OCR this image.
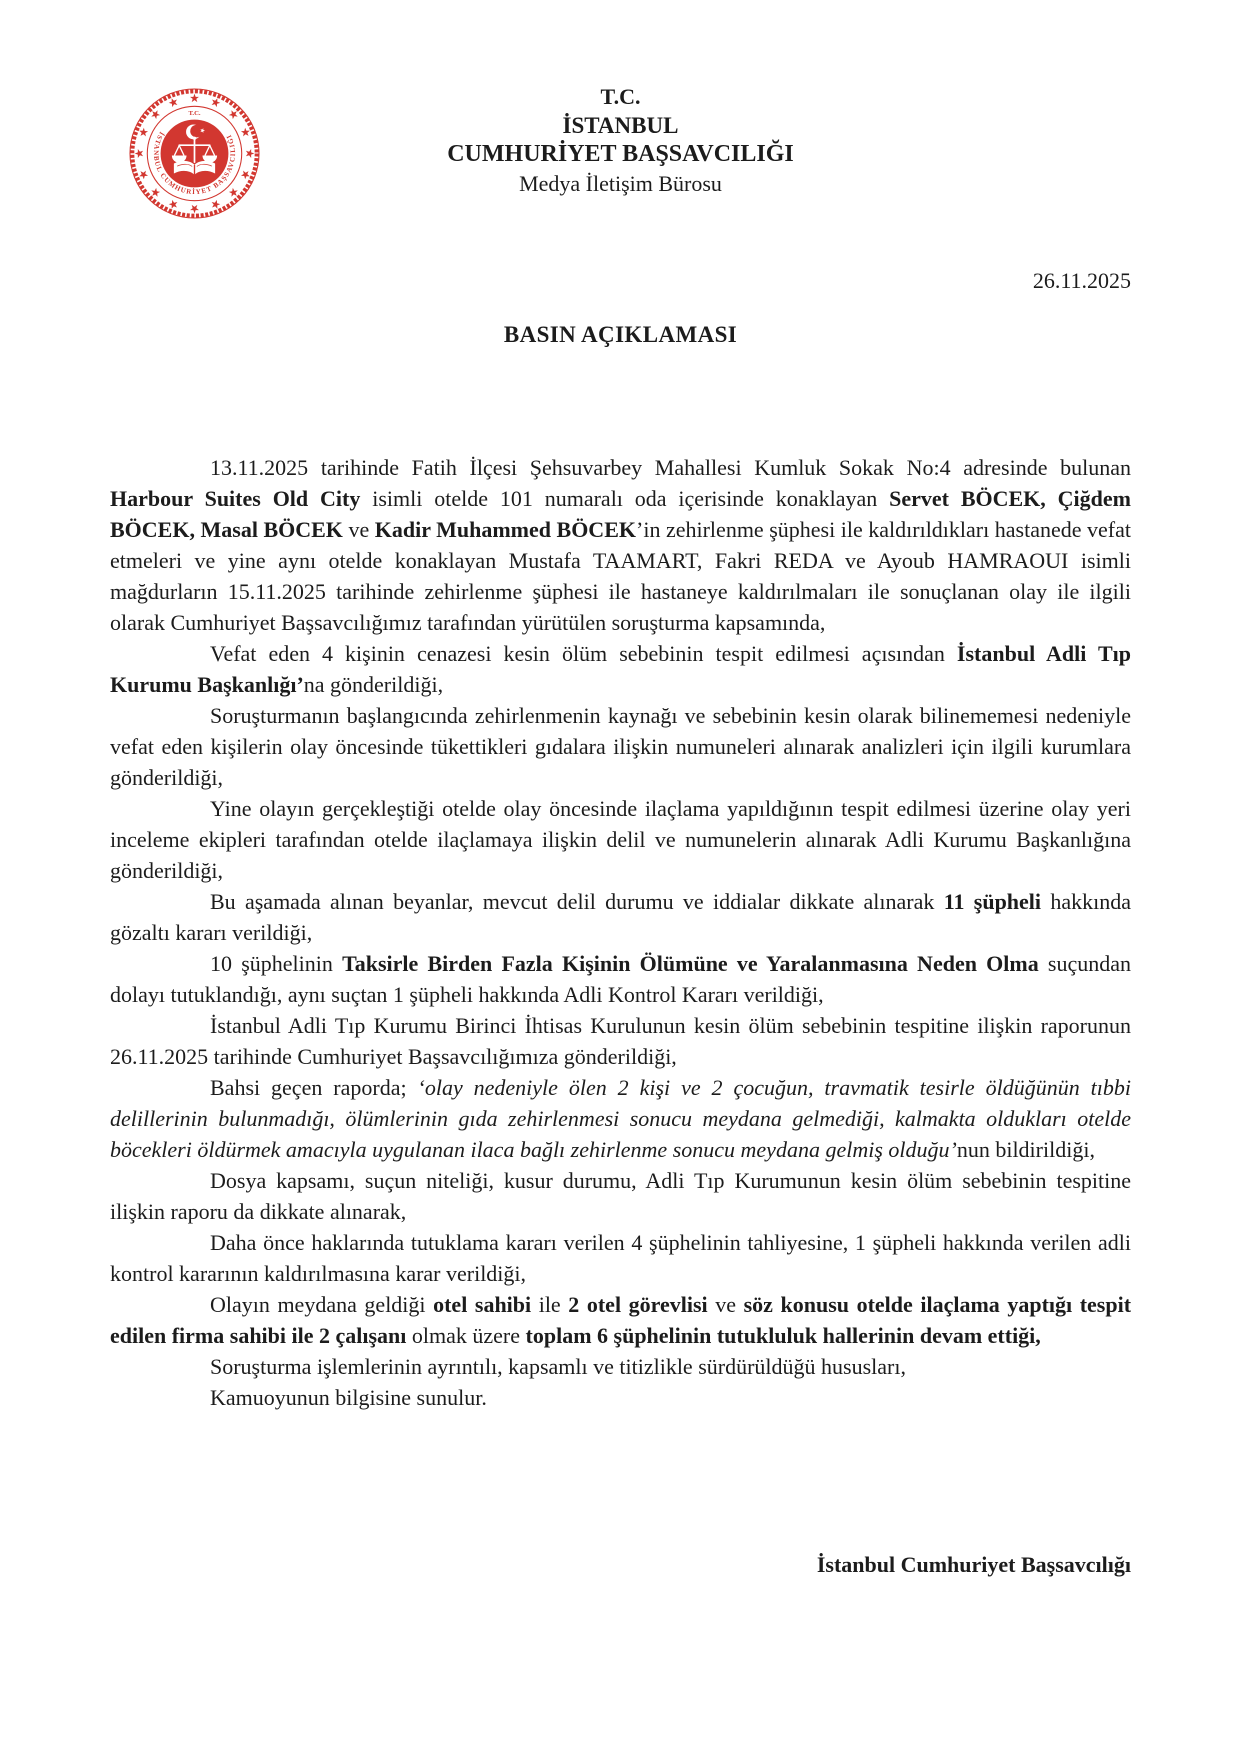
T.C.
İSTANBUL CUMHURİYET BAŞSAVCILIĞI
T.C.
İSTANBUL
CUMHURİYET BAŞSAVCILIĞI
Medya İletişim Bürosu
26.11.2025
BASIN AÇIKLAMASI

13.11.2025 tarihinde Fatih İlçesi Şehsuvarbey Mahallesi Kumluk Sokak No:4 adresinde bulunan Harbour Suites Old City isimli otelde 101 numaralı oda içerisinde konaklayan Servet BÖCEK, Çiğdem BÖCEK, Masal BÖCEK ve Kadir Muhammed BÖCEK’in zehirlenme şüphesi ile kaldırıldıkları hastanede vefat etmeleri ve yine aynı otelde konaklayan Mustafa TAAMART, Fakri REDA ve Ayoub HAMRAOUI isimli mağdurların 15.11.2025 tarihinde zehirlenme şüphesi ile hastaneye kaldırılmaları ile sonuçlanan olay ile ilgili olarak Cumhuriyet Başsavcılığımız tarafından yürütülen soruşturma kapsamında,

Vefat eden 4 kişinin cenazesi kesin ölüm sebebinin tespit edilmesi açısından İstanbul Adli Tıp Kurumu Başkanlığı’na gönderildiği,

Soruşturmanın başlangıcında zehirlenmenin kaynağı ve sebebinin kesin olarak bilinememesi nedeniyle vefat eden kişilerin olay öncesinde tükettikleri gıdalara ilişkin numuneleri alınarak analizleri için ilgili kurumlara gönderildiği,

Yine olayın gerçekleştiği otelde olay öncesinde ilaçlama yapıldığının tespit edilmesi üzerine olay yeri inceleme ekipleri tarafından otelde ilaçlamaya ilişkin delil ve numunelerin alınarak Adli Kurumu Başkanlığına gönderildiği,

Bu aşamada alınan beyanlar, mevcut delil durumu ve iddialar dikkate alınarak 11 şüpheli hakkında gözaltı kararı verildiği,

10 şüphelinin Taksirle Birden Fazla Kişinin Ölümüne ve Yaralanmasına Neden Olma suçundan dolayı tutuklandığı, aynı suçtan 1 şüpheli hakkında Adli Kontrol Kararı verildiği,

İstanbul Adli Tıp Kurumu Birinci İhtisas Kurulunun kesin ölüm sebebinin tespitine ilişkin raporunun 26.11.2025 tarihinde Cumhuriyet Başsavcılığımıza gönderildiği,

Bahsi geçen raporda; ‘olay nedeniyle ölen 2 kişi ve 2 çocuğun, travmatik tesirle öldüğünün tıbbi delillerinin bulunmadığı, ölümlerinin gıda zehirlenmesi sonucu meydana gelmediği, kalmakta oldukları otelde böcekleri öldürmek amacıyla uygulanan ilaca bağlı zehirlenme sonucu meydana gelmiş olduğu’nun bildirildiği,

Dosya kapsamı, suçun niteliği, kusur durumu, Adli Tıp Kurumunun kesin ölüm sebebinin tespitine ilişkin raporu da dikkate alınarak,

Daha önce haklarında tutuklama kararı verilen 4 şüphelinin tahliyesine, 1 şüpheli hakkında verilen adli kontrol kararının kaldırılmasına karar verildiği,

Olayın meydana geldiği otel sahibi ile 2 otel görevlisi ve söz konusu otelde ilaçlama yaptığı tespit edilen firma sahibi ile 2 çalışanı olmak üzere toplam 6 şüphelinin tutukluluk hallerinin devam ettiği,

Soruşturma işlemlerinin ayrıntılı, kapsamlı ve titizlikle sürdürüldüğü hususları,

Kamuoyunun bilgisine sunulur.

İstanbul Cumhuriyet Başsavcılığı
